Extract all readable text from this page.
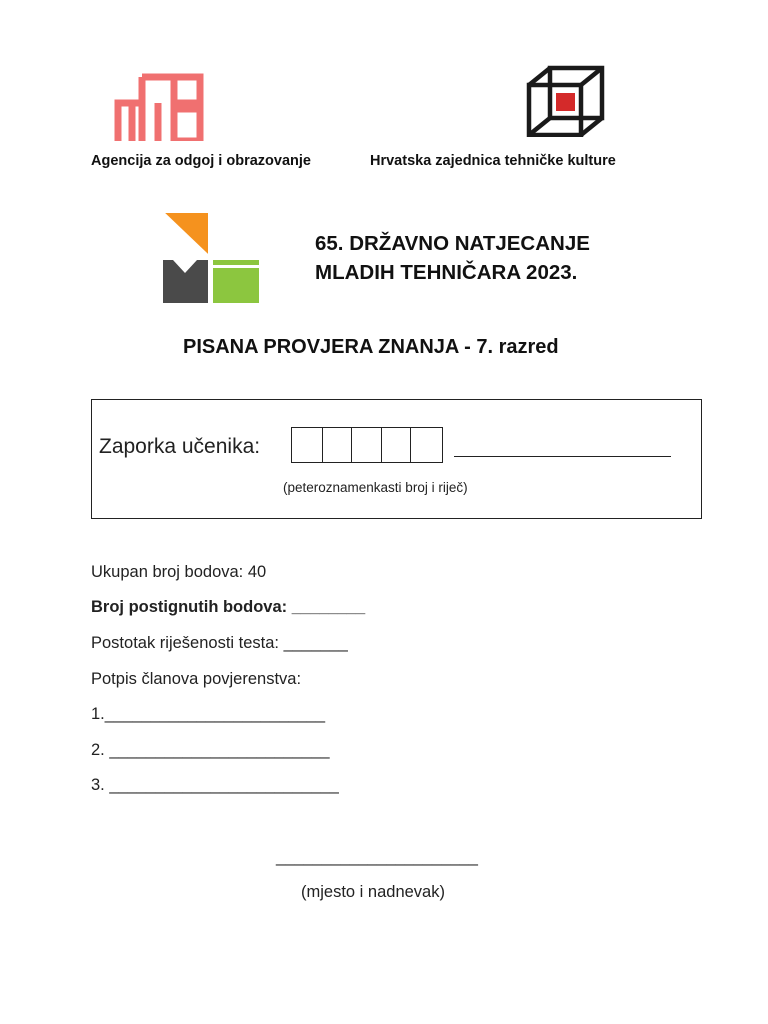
Agencija za odgoj i obrazovanje	Hrvatska zajednica tehničke kulture
65. DRŽAVNO NATJECANJE
MLADIH TEHNIČARA 2023.
PISANA PROVJERA ZNANJA - 7. razred
Zaporka učenika:
(peteroznamenkasti broj i riječ)
Ukupan broj bodova: 40
Broj postignutih bodova: ________
Postotak riješenosti testa: _______
Potpis članova povjerenstva:
1.________________________
2. ________________________
3. _________________________
______________________
(mjesto i nadnevak)
